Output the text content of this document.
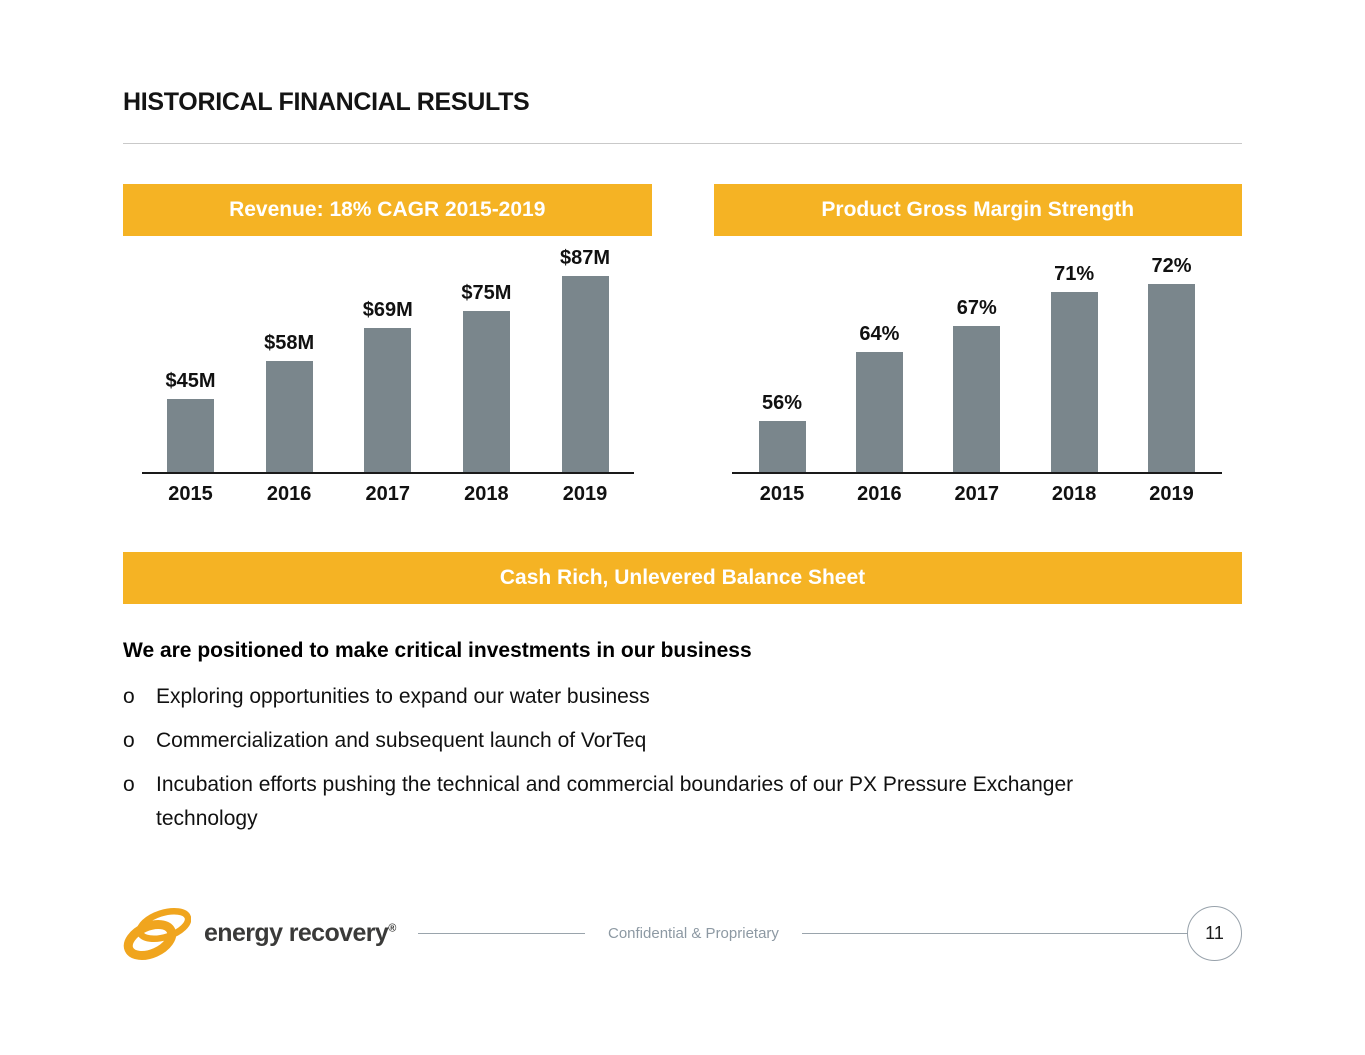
HISTORICAL FINANCIAL RESULTS
Revenue: 18% CAGR 2015-2019
$45M
$58M
$69M
$75M
$87M
2015	2016	2017	2018	2019
Product Gross Margin Strength
56%
64%
67%
71%	72%
2015	2016	2017	2018	2019
Cash Rich, Unlevered Balance Sheet

We are positioned to make critical investments in our business

o	Exploring opportunities to expand our water business
o	Commercialization and subsequent launch of VorTeq
o	Incubation efforts pushing the technical and commercial boundaries of our PX Pressure Exchanger technology
energy recovery®	Confidential & Proprietary	11
